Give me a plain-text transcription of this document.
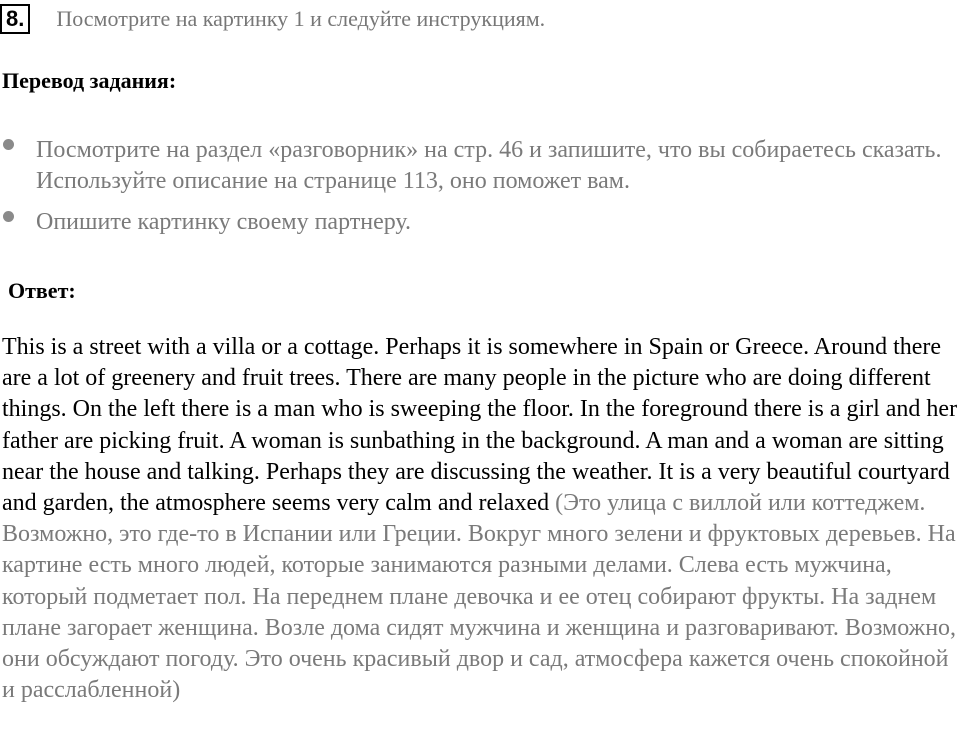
8. Посмотрите на картинку 1 и следуйте инструкциям.
Перевод задания:
Посмотрите на раздел «разговорник» на стр. 46 и запишите, что вы собираетесь сказать. Используйте описание на странице 113, оно поможет вам.
Опишите картинку своему партнеру.
Ответ:

This is a street with a villa or a cottage. Perhaps it is somewhere in Spain or Greece. Around there are a lot of greenery and fruit trees. There are many people in the picture who are doing different things. On the left there is a man who is sweeping the floor. In the foreground there is a girl and her father are picking fruit. A woman is sunbathing in the background. A man and a woman are sitting near the house and talking. Perhaps they are discussing the weather. It is a very beautiful courtyard and garden, the atmosphere seems very calm and relaxed (Это улица с виллой или коттеджем. Возможно, это где-то в Испании или Греции. Вокруг много зелени и фруктовых деревьев. На картине есть много людей, которые занимаются разными делами. Слева есть мужчина, который подметает пол. На переднем плане девочка и ее отец собирают фрукты. На заднем плане загорает женщина. Возле дома сидят мужчина и женщина и разговаривают. Возможно, они обсуждают погоду. Это очень красивый двор и сад, атмосфера кажется очень спокойной и расслабленной)
